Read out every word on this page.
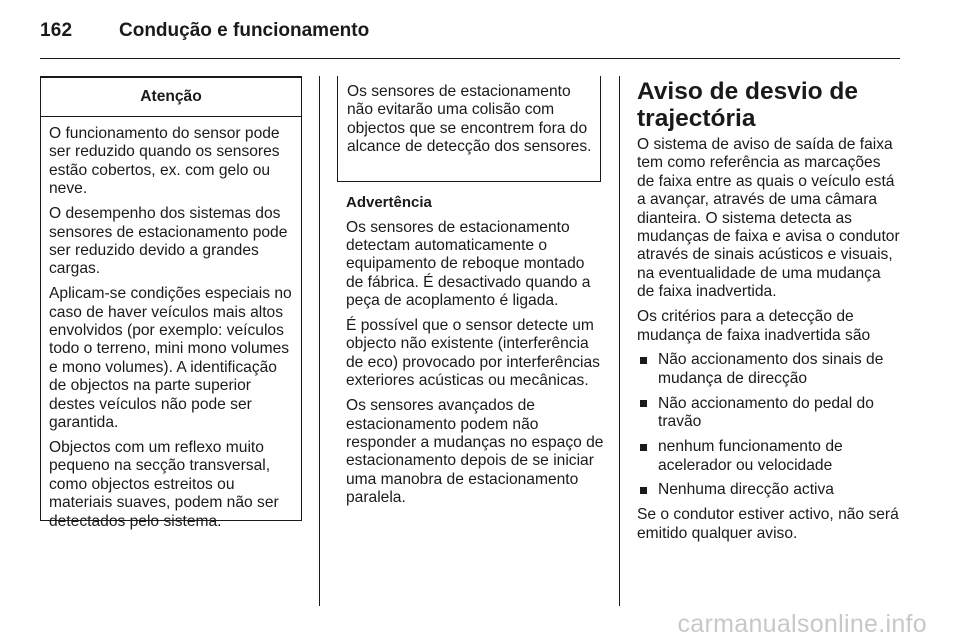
162 Condução e funcionamento
Atenção

O funcionamento do sensor pode ser reduzido quando os sensores estão cobertos, ex. com gelo ou neve.

O desempenho dos sistemas dos sensores de estacionamento pode ser reduzido devido a grandes cargas.

Aplicam-se condições especiais no caso de haver veículos mais altos envolvidos (por exemplo: veículos todo o terreno, mini mono volumes e mono volumes). A identificação de objectos na parte superior destes veículos não pode ser garantida.

Objectos com um reflexo muito pequeno na secção transversal, como objectos estreitos ou materiais suaves, podem não ser detectados pelo sistema.

Os sensores de estacionamento não evitarão uma colisão com objectos que se encontrem fora do alcance de detecção dos sensores.

Advertência

Os sensores de estacionamento detectam automaticamente o equipamento de reboque montado de fábrica. É desactivado quando a peça de acoplamento é ligada.

É possível que o sensor detecte um objecto não existente (interferência de eco) provocado por interferências exteriores acústicas ou mecânicas.

Os sensores avançados de estacionamento podem não responder a mudanças no espaço de estacionamento depois de se iniciar uma manobra de estacionamento paralela.

Aviso de desvio de trajectória

O sistema de aviso de saída de faixa tem como referência as marcações de faixa entre as quais o veículo está a avançar, através de uma câmara dianteira. O sistema detecta as mudanças de faixa e avisa o condutor através de sinais acústicos e visuais, na eventualidade de uma mudança de faixa inadvertida.

Os critérios para a detecção de mudança de faixa inadvertida são

Não accionamento dos sinais de mudança de direcção
Não accionamento do pedal do travão
nenhum funcionamento de acelerador ou velocidade
Nenhuma direcção activa

Se o condutor estiver activo, não será emitido qualquer aviso.

carmanualsonline.info
